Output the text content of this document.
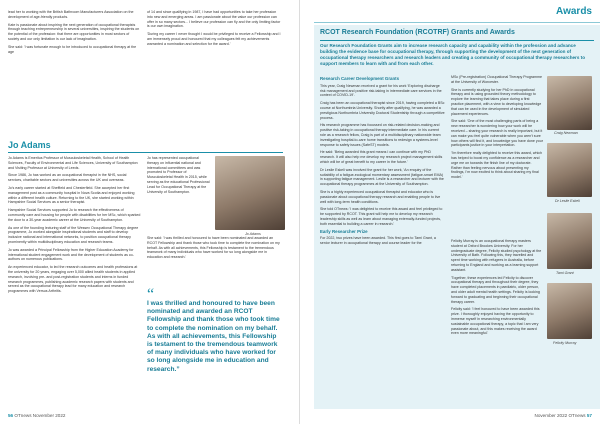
lead her to working with the British Bathroom Manufacturers Association on the development of age-friendly products.

Kate is passionate about inspiring the next generation of occupational therapists through teaching entrepreneurship in several universities, inspiring the students on the potential of the profession: that there are opportunities in most sectors of society and our only limitation is our lack of imagination.

She said: 'I was fortunate enough to be introduced to occupational therapy at the age

of 14 and since qualifying in 1987, I have had opportunities to take her profession into new and emerging areas. I am passionate about the value our profession can offer in so many sectors... I believe our profession can fly and the only limiting factor is our own imagination.

'During my career I never thought I would be privileged to receive a Fellowship and I am immensely proud and honoured that my colleagues felt my achievements warranted a nomination and selection for the award.'

Jo Adams

Jo Adams is Emeritus Professor of Musculoskeletal Health, School of Health Sciences, Faculty of Environmental and Life Sciences, University of Southampton and Visiting Professor at University of Leeds.

Since 1986, Jo has worked as an occupational therapist in the NHS, social services, charitable sectors and universities across the UK and overseas.

Jo's early career started at Sheffield and Chesterfield. She accepted her first management post as a community hospital in Nova Scotia and enjoyed working within a different health culture. Returning to the UK, she started working within Hampshire Social Services as a senior therapist.

Hampshire Social Services supported Jo to research the effectiveness of community care and housing for people with disabilities for her MSc, which sparked the door to a 30-year academic career at the University of Southampton.

As one of the founding lecturing staff of the Wessex Occupational Therapy degree programme, Jo worked alongside inspirational students and staff to develop inclusive national and international networks, to position occupational therapy prominently within multidisciplinary education and research teams.

Jo was awarded a Principal Fellowship from the Higher Education Academy for international student engagement work and the development of students as co-authors on numerous publications.

An experienced educator, to led the research outcomes and health professions at the university for 20 years, engaging over 5,000 allied health students in applied research, involving pre- and post-registration students and interns in funded research programmes, publishing academic research papers with students and served as the occupational therapy lead for many education and research programmes with Versus Arthritis.

Jo has represented occupational therapy on influential national and international committees and was promoted to Professor of Musculoskeletal Health in 2015, while serving as the educational Professional Lead for Occupational Therapy at the University of Southampton.

Jo Adams

She said: 'I was thrilled and honoured to have been nominated and awarded an RCOT Fellowship and thank those who took time to complete the nomination on my behalf. As with all achievements, this Fellowship is testament to the tremendous teamwork of many individuals who have worked for so long alongside me in education and research.'

“
I was thrilled and honoured to have been nominated and awarded an RCOT Fellowship and thank those who took time to complete the nomination on my behalf. As with all achievements, this Fellowship is testament to the tremendous teamwork of many individuals who have worked for so long alongside me in education and research.”
56 OTnews November 2022
Awards
RCOT Research Foundation (RCOTRF) Grants and Awards
Our Research Foundation Grants aim to increase research capacity and capability within the profession and advance building the evidence base for occupational therapy, through supporting the development of the next generation of occupational therapy researchers and research leaders and creating a community of occupational therapy researchers to support members to learn with and from each other.
Research Career Development Grants

This year, Craig Newman received a grant for his work 'Exploring discharge risk management and positive risk-taking in intermediate care services in the context of COVID-19'.

Craig has been an occupational therapist since 2019, having completed a BSc course at Northumbria University. Shortly after qualifying, he was awarded a prestigious Northumbria University Doctoral Studentship through a competitive process.

His research programme has focussed on risk-related decision-making and positive risk-taking in occupational therapy intermediate care. In his current role as a research fellow, Craig is part of a multidisciplinary nationwide team investigating hospital-to-care home transitions to redesign a systems-level response to safety issues (SafeST) models.

He said: 'Being awarded this grant means I can continue with my PhD research. It will also help me develop my research project management skills which will be of great benefit to my career in the future.'

Dr Leslie Eskeli was involved the grant for her work, 'An enquiry of the suitability of a fatigue-ecological momentary assessment (fatigue-smart EMA) in supporting fatigue management. Leslie is a researcher and lecturer with the occupational therapy programmes at the University of Southampton.

She is a highly experienced occupational therapist and educator who is passionate about occupational therapy research and enabling people to live well with long-term health conditions.

She told OTnews: 'I was delighted to receive this award and feel privileged to be supported by RCOT. This grant will help me to develop my research leadership skills as well as learn about managing externally-funded projects, both essential to building a career in research.'

Early Researcher Prize

For 2022, two prizes have been awarded. This first goes to Tami Grant, a senior lecturer in occupational therapy and course leader for the

MSc (Pre-registration) Occupational Therapy Programme at the University of Worcester.

She is currently studying for her PhD in occupational therapy and is using grounded theory methodology to explore the learning that takes place during a first practice placement, with a view to developing knowledge that can be used in the development of simulated placement experiences.

She said: 'One of the most challenging parts of being a new researcher is wondering how your work will be received – sharing your research is really important, but it can make you feel quite vulnerable when you aren't sure how others will find it, and knowledge you have done your participants justice in your interpretation.

'I'm therefore really delighted to receive this award, which has helped to boost my confidence as a researcher and urge me on towards the finish line of my doctorate. Rather than feeling nervous about presenting my findings, I'm now excited to think about sharing my final model.'

Felicity Murray is an occupational therapy masters student at Oxford Brookes University. For her undergraduate degree, Felicity studied psychology at the University of Bath. Following this, they travelled and spent time working with refugees in Australia, before returning to England and working as a learning support assistant.

'Together, these experiences led Felicity to discover occupational therapy and throughout their degree, they have completed placements in paediatric, older person, and older adult mental health settings. Felicity is looking forward to graduating and beginning their occupational therapy career.

Felicity said: 'I feel honoured to have been awarded this prize. I thoroughly enjoyed having the opportunity to immerse myself in researching environmentally sustainable occupational therapy, a topic that I am very passionate about, and this makes receiving the award even more meaningful.'

Craig Newman
Dr Leslie Eskeli
Tami Grant
Felicity Murray
November 2022 OTnews 57
